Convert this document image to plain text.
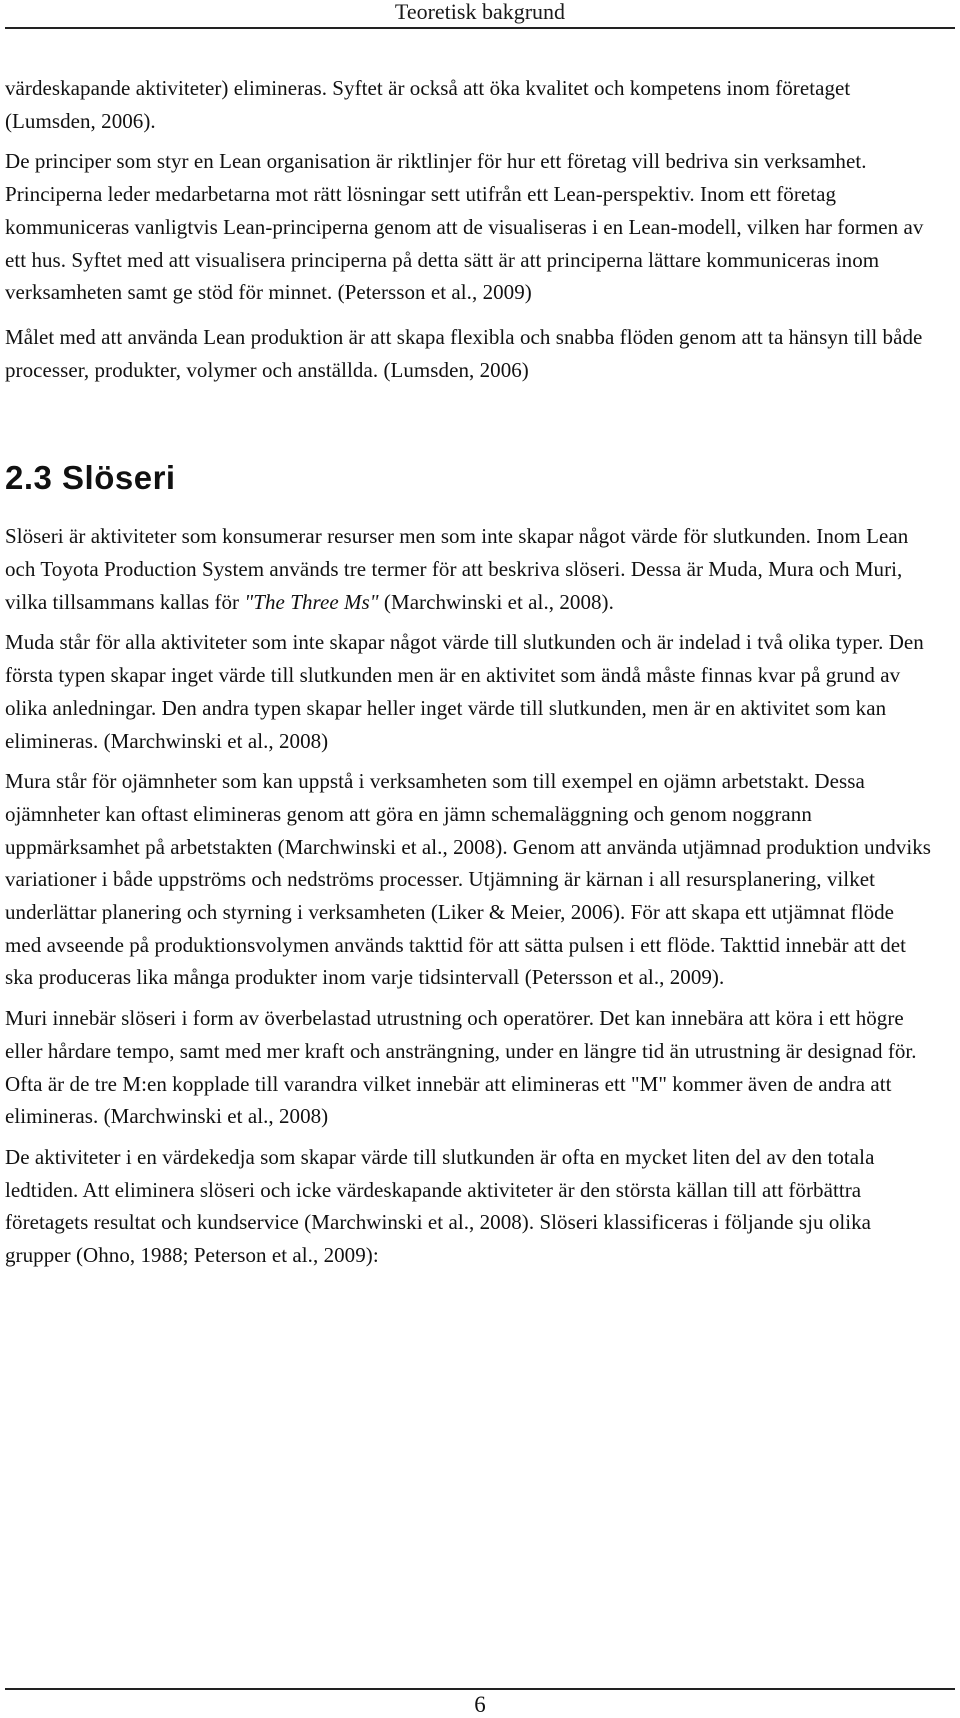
Teoretisk bakgrund

värdeskapande aktiviteter) elimineras. Syftet är också att öka kvalitet och kompetens inom företaget (Lumsden, 2006).

De principer som styr en Lean organisation är riktlinjer för hur ett företag vill bedriva sin verksamhet. Principerna leder medarbetarna mot rätt lösningar sett utifrån ett Lean-perspektiv. Inom ett företag kommuniceras vanligtvis Lean-principerna genom att de visualiseras i en Lean-modell, vilken har formen av ett hus. Syftet med att visualisera principerna på detta sätt är att principerna lättare kommuniceras inom verksamheten samt ge stöd för minnet. (Petersson et al., 2009)

Målet med att använda Lean produktion är att skapa flexibla och snabba flöden genom att ta hänsyn till både processer, produkter, volymer och anställda. (Lumsden, 2006)

2.3 Slöseri

Slöseri är aktiviteter som konsumerar resurser men som inte skapar något värde för slutkunden. Inom Lean och Toyota Production System används tre termer för att beskriva slöseri. Dessa är Muda, Mura och Muri, vilka tillsammans kallas för "The Three Ms" (Marchwinski et al., 2008).

Muda står för alla aktiviteter som inte skapar något värde till slutkunden och är indelad i två olika typer. Den första typen skapar inget värde till slutkunden men är en aktivitet som ändå måste finnas kvar på grund av olika anledningar. Den andra typen skapar heller inget värde till slutkunden, men är en aktivitet som kan elimineras. (Marchwinski et al., 2008)

Mura står för ojämnheter som kan uppstå i verksamheten som till exempel en ojämn arbetstakt. Dessa ojämnheter kan oftast elimineras genom att göra en jämn schemaläggning och genom noggrann uppmärksamhet på arbetstakten (Marchwinski et al., 2008). Genom att använda utjämnad produktion undviks variationer i både uppströms och nedströms processer. Utjämning är kärnan i all resursplanering, vilket underlättar planering och styrning i verksamheten (Liker & Meier, 2006). För att skapa ett utjämnat flöde med avseende på produktionsvolymen används takttid för att sätta pulsen i ett flöde. Takttid innebär att det ska produceras lika många produkter inom varje tidsintervall (Petersson et al., 2009).

Muri innebär slöseri i form av överbelastad utrustning och operatörer. Det kan innebära att köra i ett högre eller hårdare tempo, samt med mer kraft och ansträngning, under en längre tid än utrustning är designad för. Ofta är de tre M:en kopplade till varandra vilket innebär att elimineras ett "M" kommer även de andra att elimineras. (Marchwinski et al., 2008)

De aktiviteter i en värdekedja som skapar värde till slutkunden är ofta en mycket liten del av den totala ledtiden. Att eliminera slöseri och icke värdeskapande aktiviteter är den största källan till att förbättra företagets resultat och kundservice (Marchwinski et al., 2008). Slöseri klassificeras i följande sju olika grupper (Ohno, 1988; Peterson et al., 2009):

6
